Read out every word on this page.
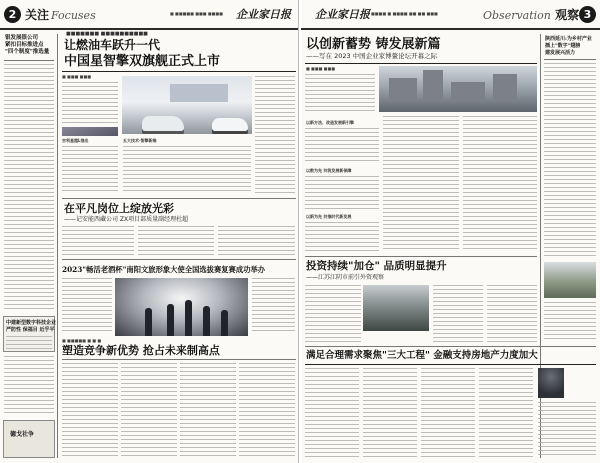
2 关注 Focuses	■ ■■■■■ ■■■ ■■■■ 企业家日报
银发展银公司
紧扣目标推进点
"四个制度"推选量
■■■■■■■ ■■■■■■■■■■
让燃油车跃升一代
中国星智擎双旗舰正式上市
■ ■■■ ■■■
吉利星越L推出	五大技术·智擎新维
在平凡岗位上绽放光彩
——记安能西藏公司 ZX项目部质量副经理杜超
2023"畅活老酒杯"南阳文旅形象大使全国选拔赛复赛成功举办
中建新型数字科技企业
严防性 保福目 近乎平
■ ■■■■■ ■ ■ ■
塑造竞争新优势 抢占未来制高点
德戈社争
企业家日报 ■■■■ ■ ■■■■ ■■ ■■ ■■■	Observation 观察 3
以创新蓄势 铸发展新篇
——写在 2023 中国企业家博鳌论坛开幕之际
■ ■■■ ■■■
以新方法、改造发展新引擎
以数为先 共筑发展新保障
以新为先 共推时代新发展
陕西延川:为乡村产业
插上"数字"翅膀
建发展兴活力
投资持续"加仓" 品质明显提升
——江苏江阴市前引外资观察
满足合理需求聚焦"三大工程" 金融支持房地产力度加大
